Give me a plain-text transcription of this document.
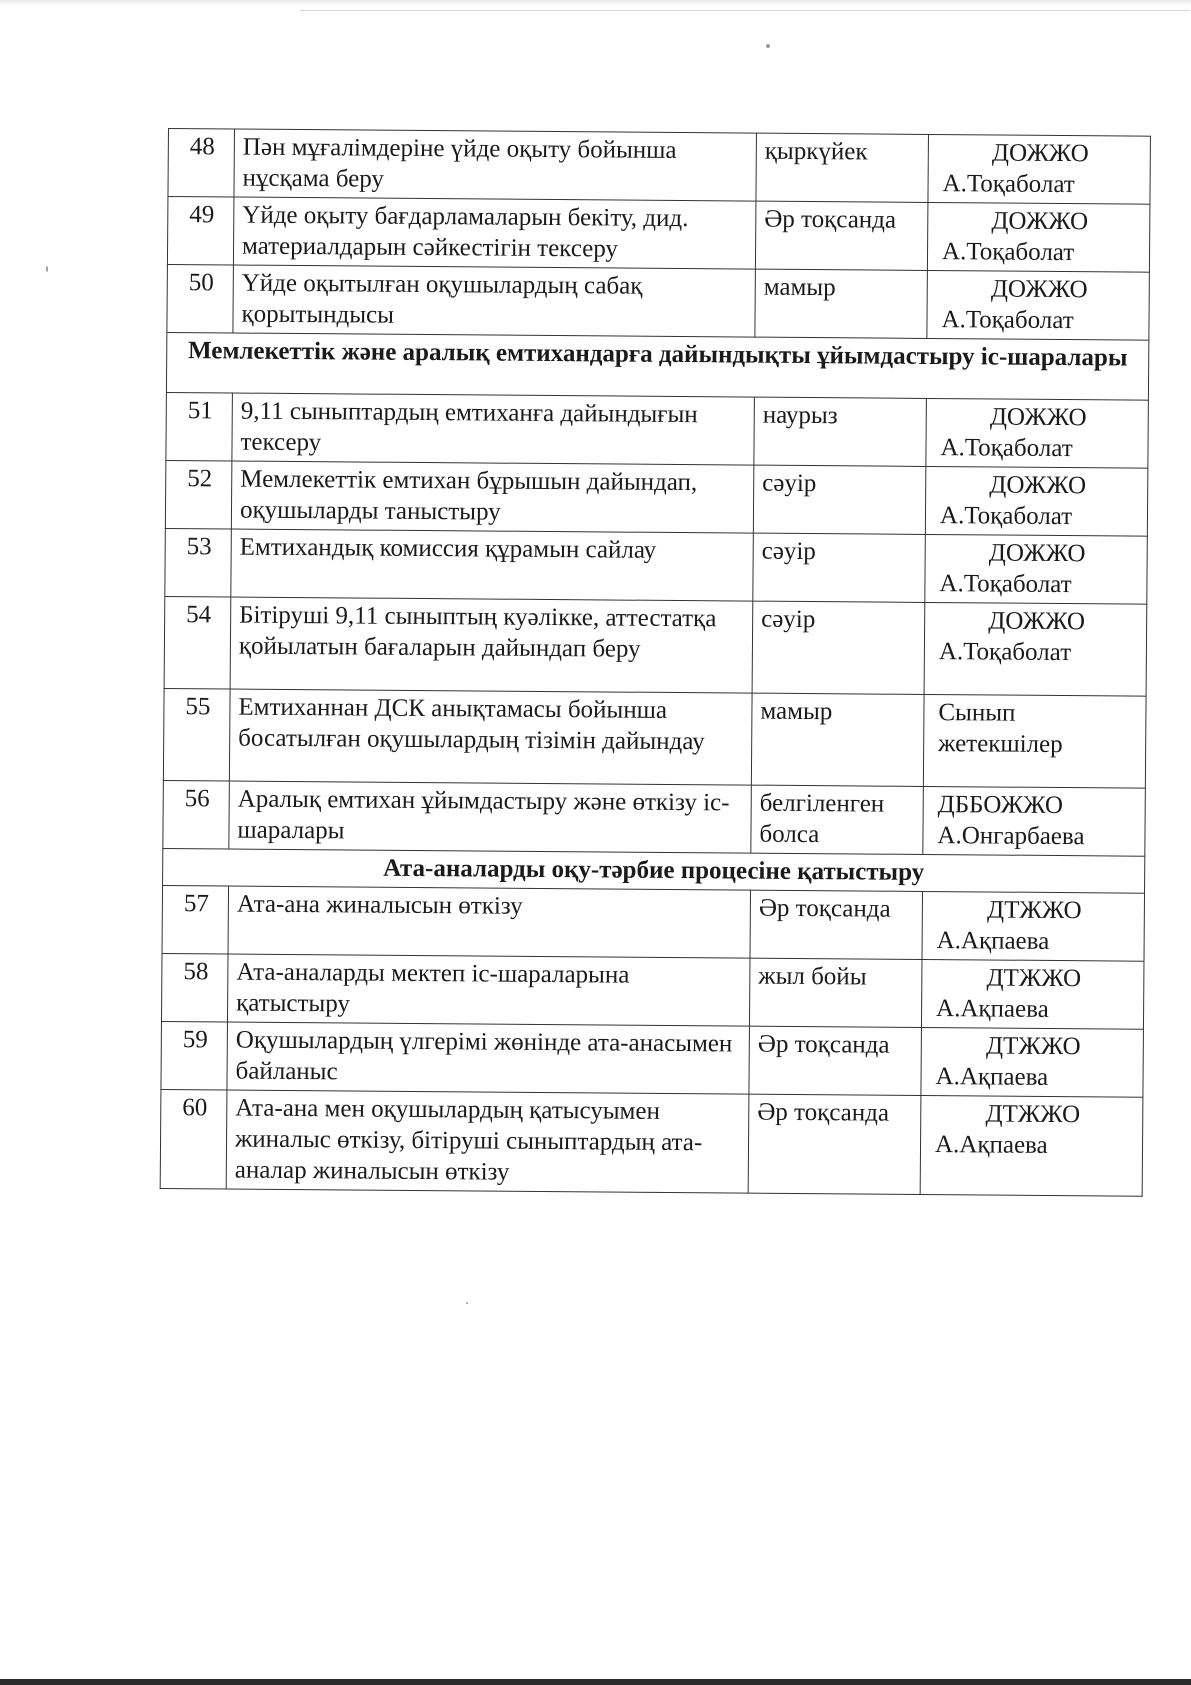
48	Пән мұғалімдеріне үйде оқыту бойынша нұсқама беру	қыркүйек	ДОЖЖО
А.Тоқаболат

49	Үйде оқыту бағдарламаларын бекіту, дид. материалдарын сәйкестігін тексеру	Әр тоқсанда	ДОЖЖО
А.Тоқаболат

50	Үйде оқытылған оқушылардың сабақ қорытындысы	мамыр	ДОЖЖО
А.Тоқаболат

Мемлекеттік және аралық емтихандарға дайындықты ұйымдастыру іс-шаралары			
51	9,11 сыныптардың емтиханға дайындығын тексеру	наурыз	ДОЖЖО
А.Тоқаболат

52	Мемлекеттік емтихан бұрышын дайындап, оқушыларды таныстыру	сәуір	ДОЖЖО
А.Тоқаболат

53	Емтихандық комиссия құрамын сайлау	сәуір	ДОЖЖО
А.Тоқаболат

54	Бітіруші 9,11 сыныптың куәлікке, аттестатқа қойылатын бағаларын дайындап беру	сәуір	ДОЖЖО
А.Тоқаболат

55	Емтиханнан ДСК анықтамасы бойынша босатылған оқушылардың тізімін дайындау	мамыр	Сынып жетекшілер

56	Аралық емтихан ұйымдастыру және өткізу іс-шаралары	белгіленген болса	ДББОЖЖО А.Онгарбаева

Ата-аналарды оқу-тәрбие процесіне қатыстыру			
57	Ата-ана жиналысын өткізу	Әр тоқсанда	ДТЖЖО
А.Ақпаева

58	Ата-аналарды мектеп іс-шараларына қатыстыру	жыл бойы	ДТЖЖО
А.Ақпаева

59	Оқушылардың үлгерімі жөнінде ата-анасымен байланыс	Әр тоқсанда	ДТЖЖО
А.Ақпаева

60	Ата-ана мен оқушылардың қатысуымен жиналыс өткізу, бітіруші сыныптардың ата-аналар жиналысын өткізу	Әр тоқсанда	ДТЖЖО
А.Ақпаева
